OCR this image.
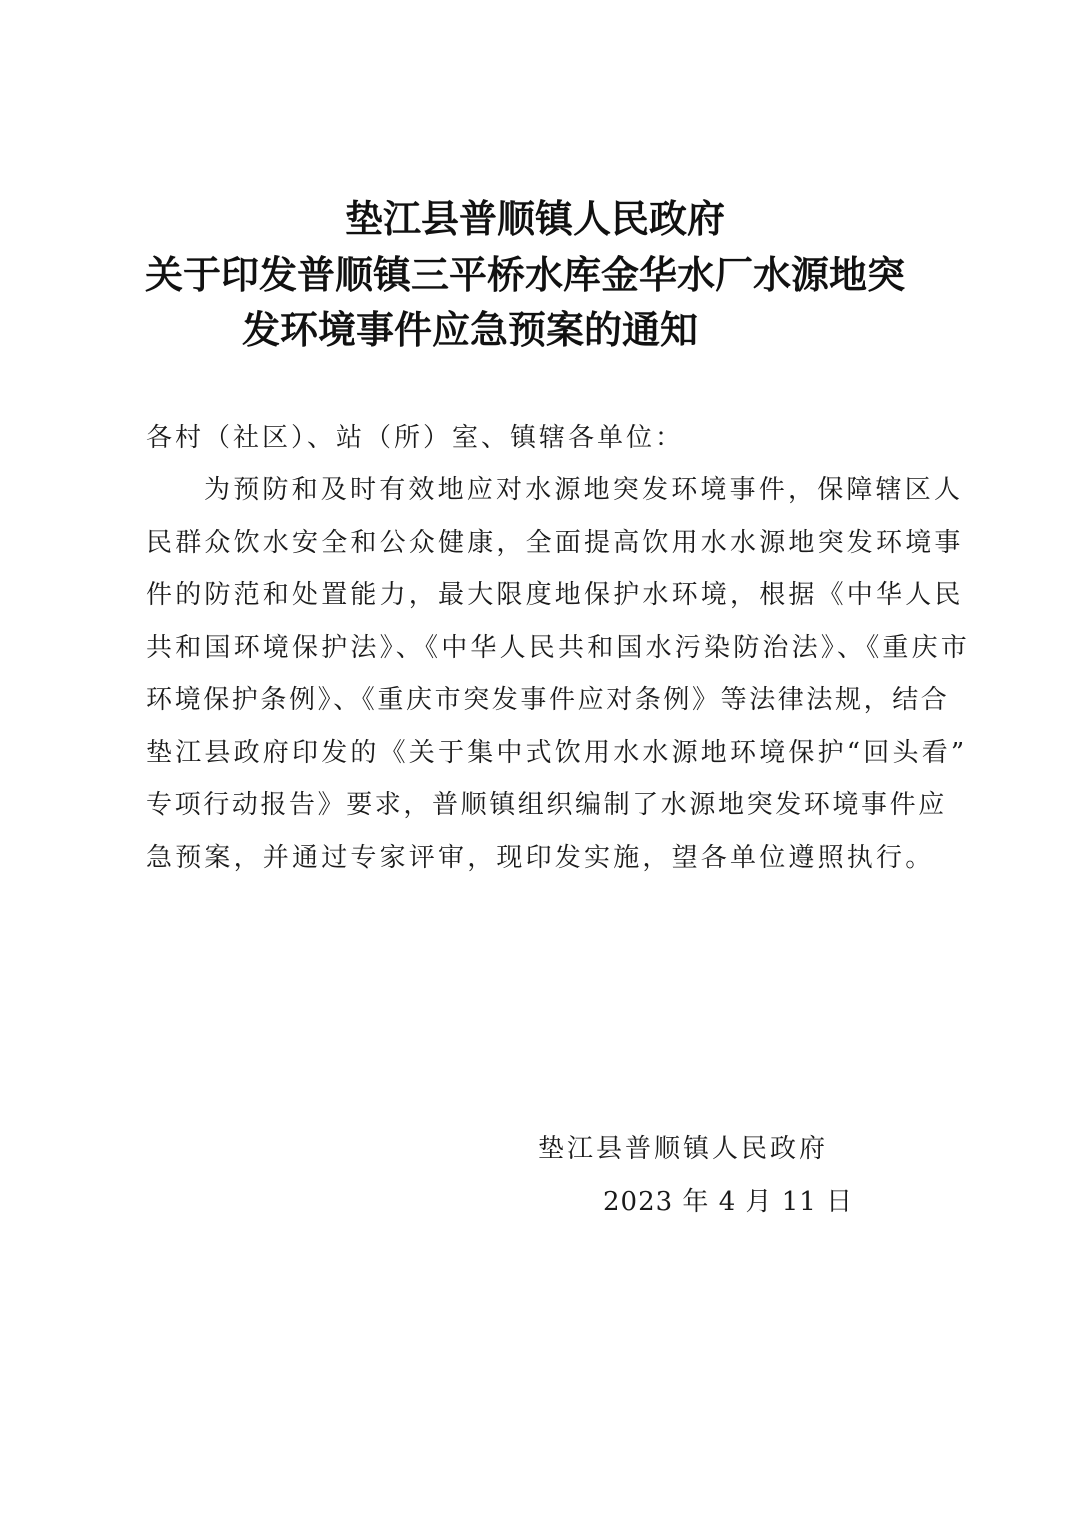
垫江县普顺镇人民政府
关于印发普顺镇三平桥水库金华水厂水源地突
发环境事件应急预案的通知
各村（社区）、站（所）室、镇辖各单位：
为预防和及时有效地应对水源地突发环境事件，保障辖区人
民群众饮水安全和公众健康，全面提高饮用水水源地突发环境事
件的防范和处置能力，最大限度地保护水环境，根据《中华人民
共和国环境保护法》、《中华人民共和国水污染防治法》、《重庆市
环境保护条例》、《重庆市突发事件应对条例》等法律法规，结合
垫江县政府印发的《关于集中式饮用水水源地环境保护“回头看”
专项行动报告》要求，普顺镇组织编制了水源地突发环境事件应
急预案，并通过专家评审，现印发实施，望各单位遵照执行。
垫江县普顺镇人民政府
2023 年 4 月 11 日
